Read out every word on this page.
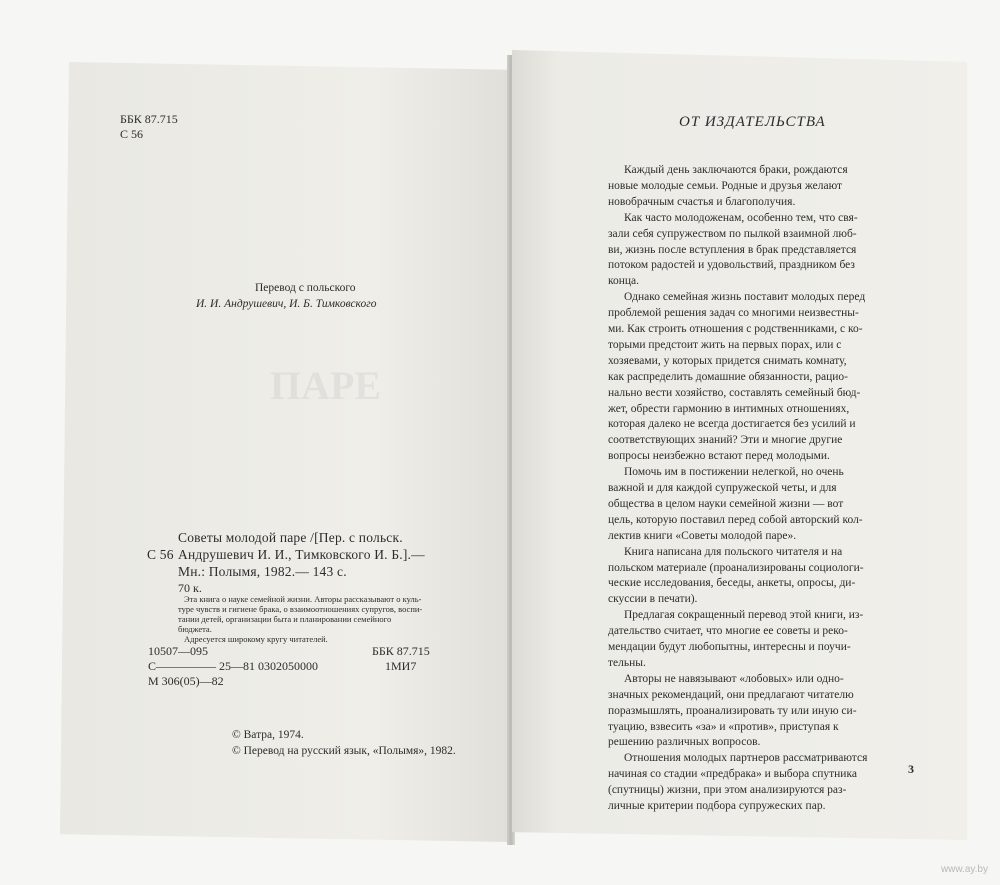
ПАРЕ
ББК 87.715
С 56
Перевод с польского
И. И. Андрушевич, И. Б. Тимковского
Советы молодой паре /[Пер. с польск.
С 56 Андрушевич И. И., Тимковского И. Б.].—
Мн.: Полымя, 1982.— 143 с.
70 к.
Эта книга о науке семейной жизни. Авторы рассказывают о куль-
туре чувств и гигиене брака, о взаимоотношениях супругов, воспи-
тании детей, организации быта и планировании семейного
бюджета.
Адресуется широкому кругу читателей.
10507—095
С————— 25—81 0302050000
М 306(05)—82
ББК 87.715
1МИ7
© Ватра, 1974.
© Перевод на русский язык, «Полымя», 1982.
ОТ ИЗДАТЕЛЬСТВА
Каждый день заключаются браки, рождаются
новые молодые семьи. Родные и друзья желают
новобрачным счастья и благополучия.
Как часто молодоженам, особенно тем, что свя-
зали себя супружеством по пылкой взаимной люб-
ви, жизнь после вступления в брак представляется
потоком радостей и удовольствий, праздником без
конца.
Однако семейная жизнь поставит молодых перед
проблемой решения задач со многими неизвестны-
ми. Как строить отношения с родственниками, с ко-
торыми предстоит жить на первых порах, или с
хозяевами, у которых придется снимать комнату,
как распределить домашние обязанности, рацио-
нально вести хозяйство, составлять семейный бюд-
жет, обрести гармонию в интимных отношениях,
которая далеко не всегда достигается без усилий и
соответствующих знаний? Эти и многие другие
вопросы неизбежно встают перед молодыми.
Помочь им в постижении нелегкой, но очень
важной и для каждой супружеской четы, и для
общества в целом науки семейной жизни — вот
цель, которую поставил перед собой авторский кол-
лектив книги «Советы молодой паре».
Книга написана для польского читателя и на
польском материале (проанализированы социологи-
ческие исследования, беседы, анкеты, опросы, ди-
скуссии в печати).
Предлагая сокращенный перевод этой книги, из-
дательство считает, что многие ее советы и реко-
мендации будут любопытны, интересны и поучи-
тельны.
Авторы не навязывают «лобовых» или одно-
значных рекомендаций, они предлагают читателю
поразмышлять, проанализировать ту или иную си-
туацию, взвесить «за» и «против», приступая к
решению различных вопросов.
Отношения молодых партнеров рассматриваются
начиная со стадии «предбрака» и выбора спутника
(спутницы) жизни, при этом анализируются раз-
личные критерии подбора супружеских пар.
3
www.ay.by
